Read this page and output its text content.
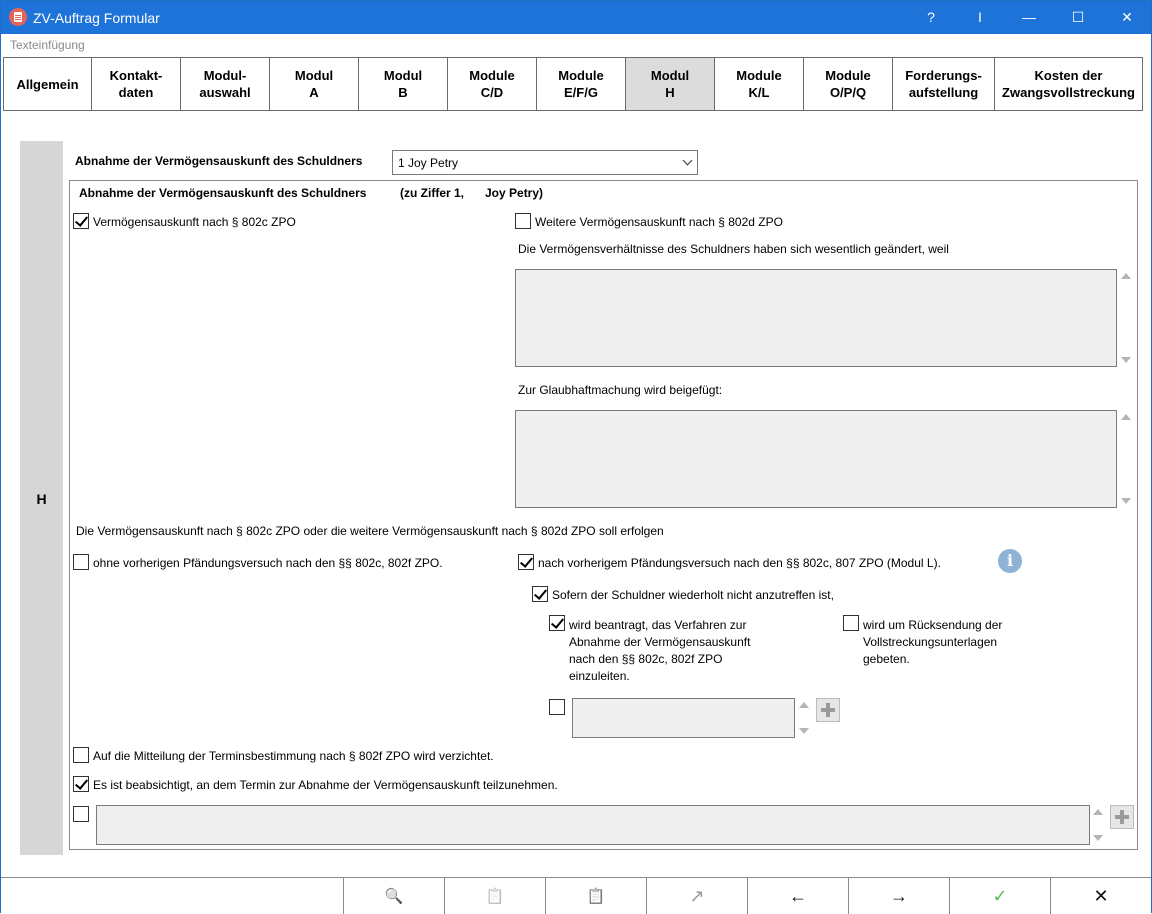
ZV-Auftrag Formular	?	I	—	☐	✕
Texteinfügung
Allgemein
Kontakt-
daten
Modul-
auswahl
Modul
A
Modul
B
Module
C/D
Module
E/F/G
Modul
H
Module
K/L
Module
O/P/Q
Forderungs-
aufstellung
Kosten der
Zwangsvollstreckung
H
Abnahme der Vermögensauskunft des Schuldners	1 Joy Petry
Abnahme der Vermögensauskunft des Schuldners	(zu Ziffer 1, Joy Petry)
Vermögensauskunft nach § 802c ZPO	Weitere Vermögensauskunft nach § 802d ZPO
Die Vermögensverhältnisse des Schuldners haben sich wesentlich geändert, weil
Zur Glaubhaftmachung wird beigefügt:
Die Vermögensauskunft nach § 802c ZPO oder die weitere Vermögensauskunft nach § 802d ZPO soll erfolgen
ohne vorherigen Pfändungsversuch nach den §§ 802c, 802f ZPO.	nach vorherigem Pfändungsversuch nach den §§ 802c, 807 ZPO (Modul L).	i
Sofern der Schuldner wiederholt nicht anzutreffen ist,
wird beantragt, das Verfahren zur
Abnahme der Vermögensauskunft
nach den §§ 802c, 802f ZPO
einzuleiten.
wird um Rücksendung der
Vollstreckungsunterlagen
gebeten.
Auf die Mitteilung der Terminsbestimmung nach § 802f ZPO wird verzichtet.
Es ist beabsichtigt, an dem Termin zur Abnahme der Vermögensauskunft teilzunehmen.
🔍	📋	📋	↗	←	→	✓	✕
